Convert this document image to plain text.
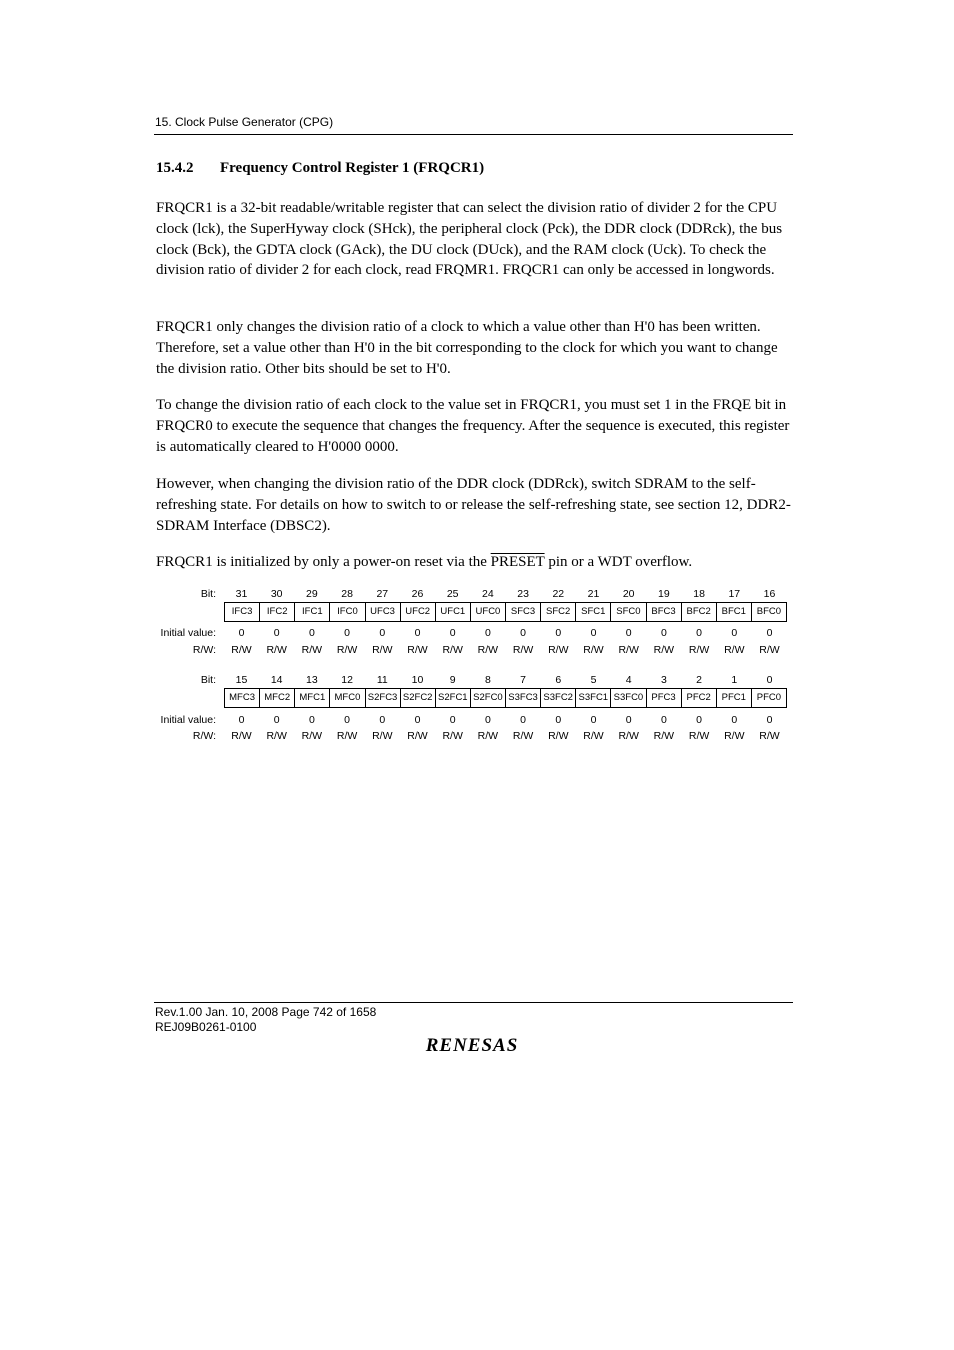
15. Clock Pulse Generator (CPG)
15.4.2 Frequency Control Register 1 (FRQCR1)

FRQCR1 is a 32-bit readable/writable register that can select the division ratio of divider 2 for the CPU clock (lck), the SuperHyway clock (SHck), the peripheral clock (Pck), the DDR clock (DDRck), the bus clock (Bck), the GDTA clock (GAck), the DU clock (DUck), and the RAM clock (Uck). To check the division ratio of divider 2 for each clock, read FRQMR1. FRQCR1 can only be accessed in longwords.

FRQCR1 only changes the division ratio of a clock to which a value other than H'0 has been written. Therefore, set a value other than H'0 in the bit corresponding to the clock for which you want to change the division ratio. Other bits should be set to H'0.

To change the division ratio of each clock to the value set in FRQCR1, you must set 1 in the FRQE bit in FRQCR0 to execute the sequence that changes the frequency. After the sequence is executed, this register is automatically cleared to H'0000 0000.

However, when changing the division ratio of the DDR clock (DDRck), switch SDRAM to the self-refreshing state. For details on how to switch to or release the self-refreshing state, see section 12, DDR2-SDRAM Interface (DBSC2).

FRQCR1 is initialized by only a power-on reset via the PRESET pin or a WDT overflow.

Bit:	31	30	29	28	27	26	25	24	23	22	21	20	19	18	17	16
IFC3	IFC2	IFC1	IFC0	UFC3	UFC2	UFC1	UFC0	SFC3	SFC2	SFC1	SFC0	BFC3	BFC2	BFC1	BFC0
Initial value:	0	0	0	0	0	0	0	0	0	0	0	0	0	0	0	0
R/W:	R/W	R/W	R/W	R/W	R/W	R/W	R/W	R/W	R/W	R/W	R/W	R/W	R/W	R/W	R/W	R/W
Bit:	15	14	13	12	11	10	9	8	7	6	5	4	3	2	1	0
MFC3 MFC2 MFC1 MFC0 S2FC3 S2FC2 S2FC1 S2FC0 S3FC3 S3FC2 S3FC1 S3FC0 PFC3	PFC2	PFC1	PFC0
Initial value:	0	0	0	0	0	0	0	0	0	0	0	0	0	0	0	0
R/W:	R/W	R/W	R/W	R/W	R/W	R/W	R/W	R/W	R/W	R/W	R/W	R/W	R/W	R/W	R/W	R/W
Rev.1.00 Jan. 10, 2008 Page 742 of 1658
REJ09B0261-0100
RENESAS
